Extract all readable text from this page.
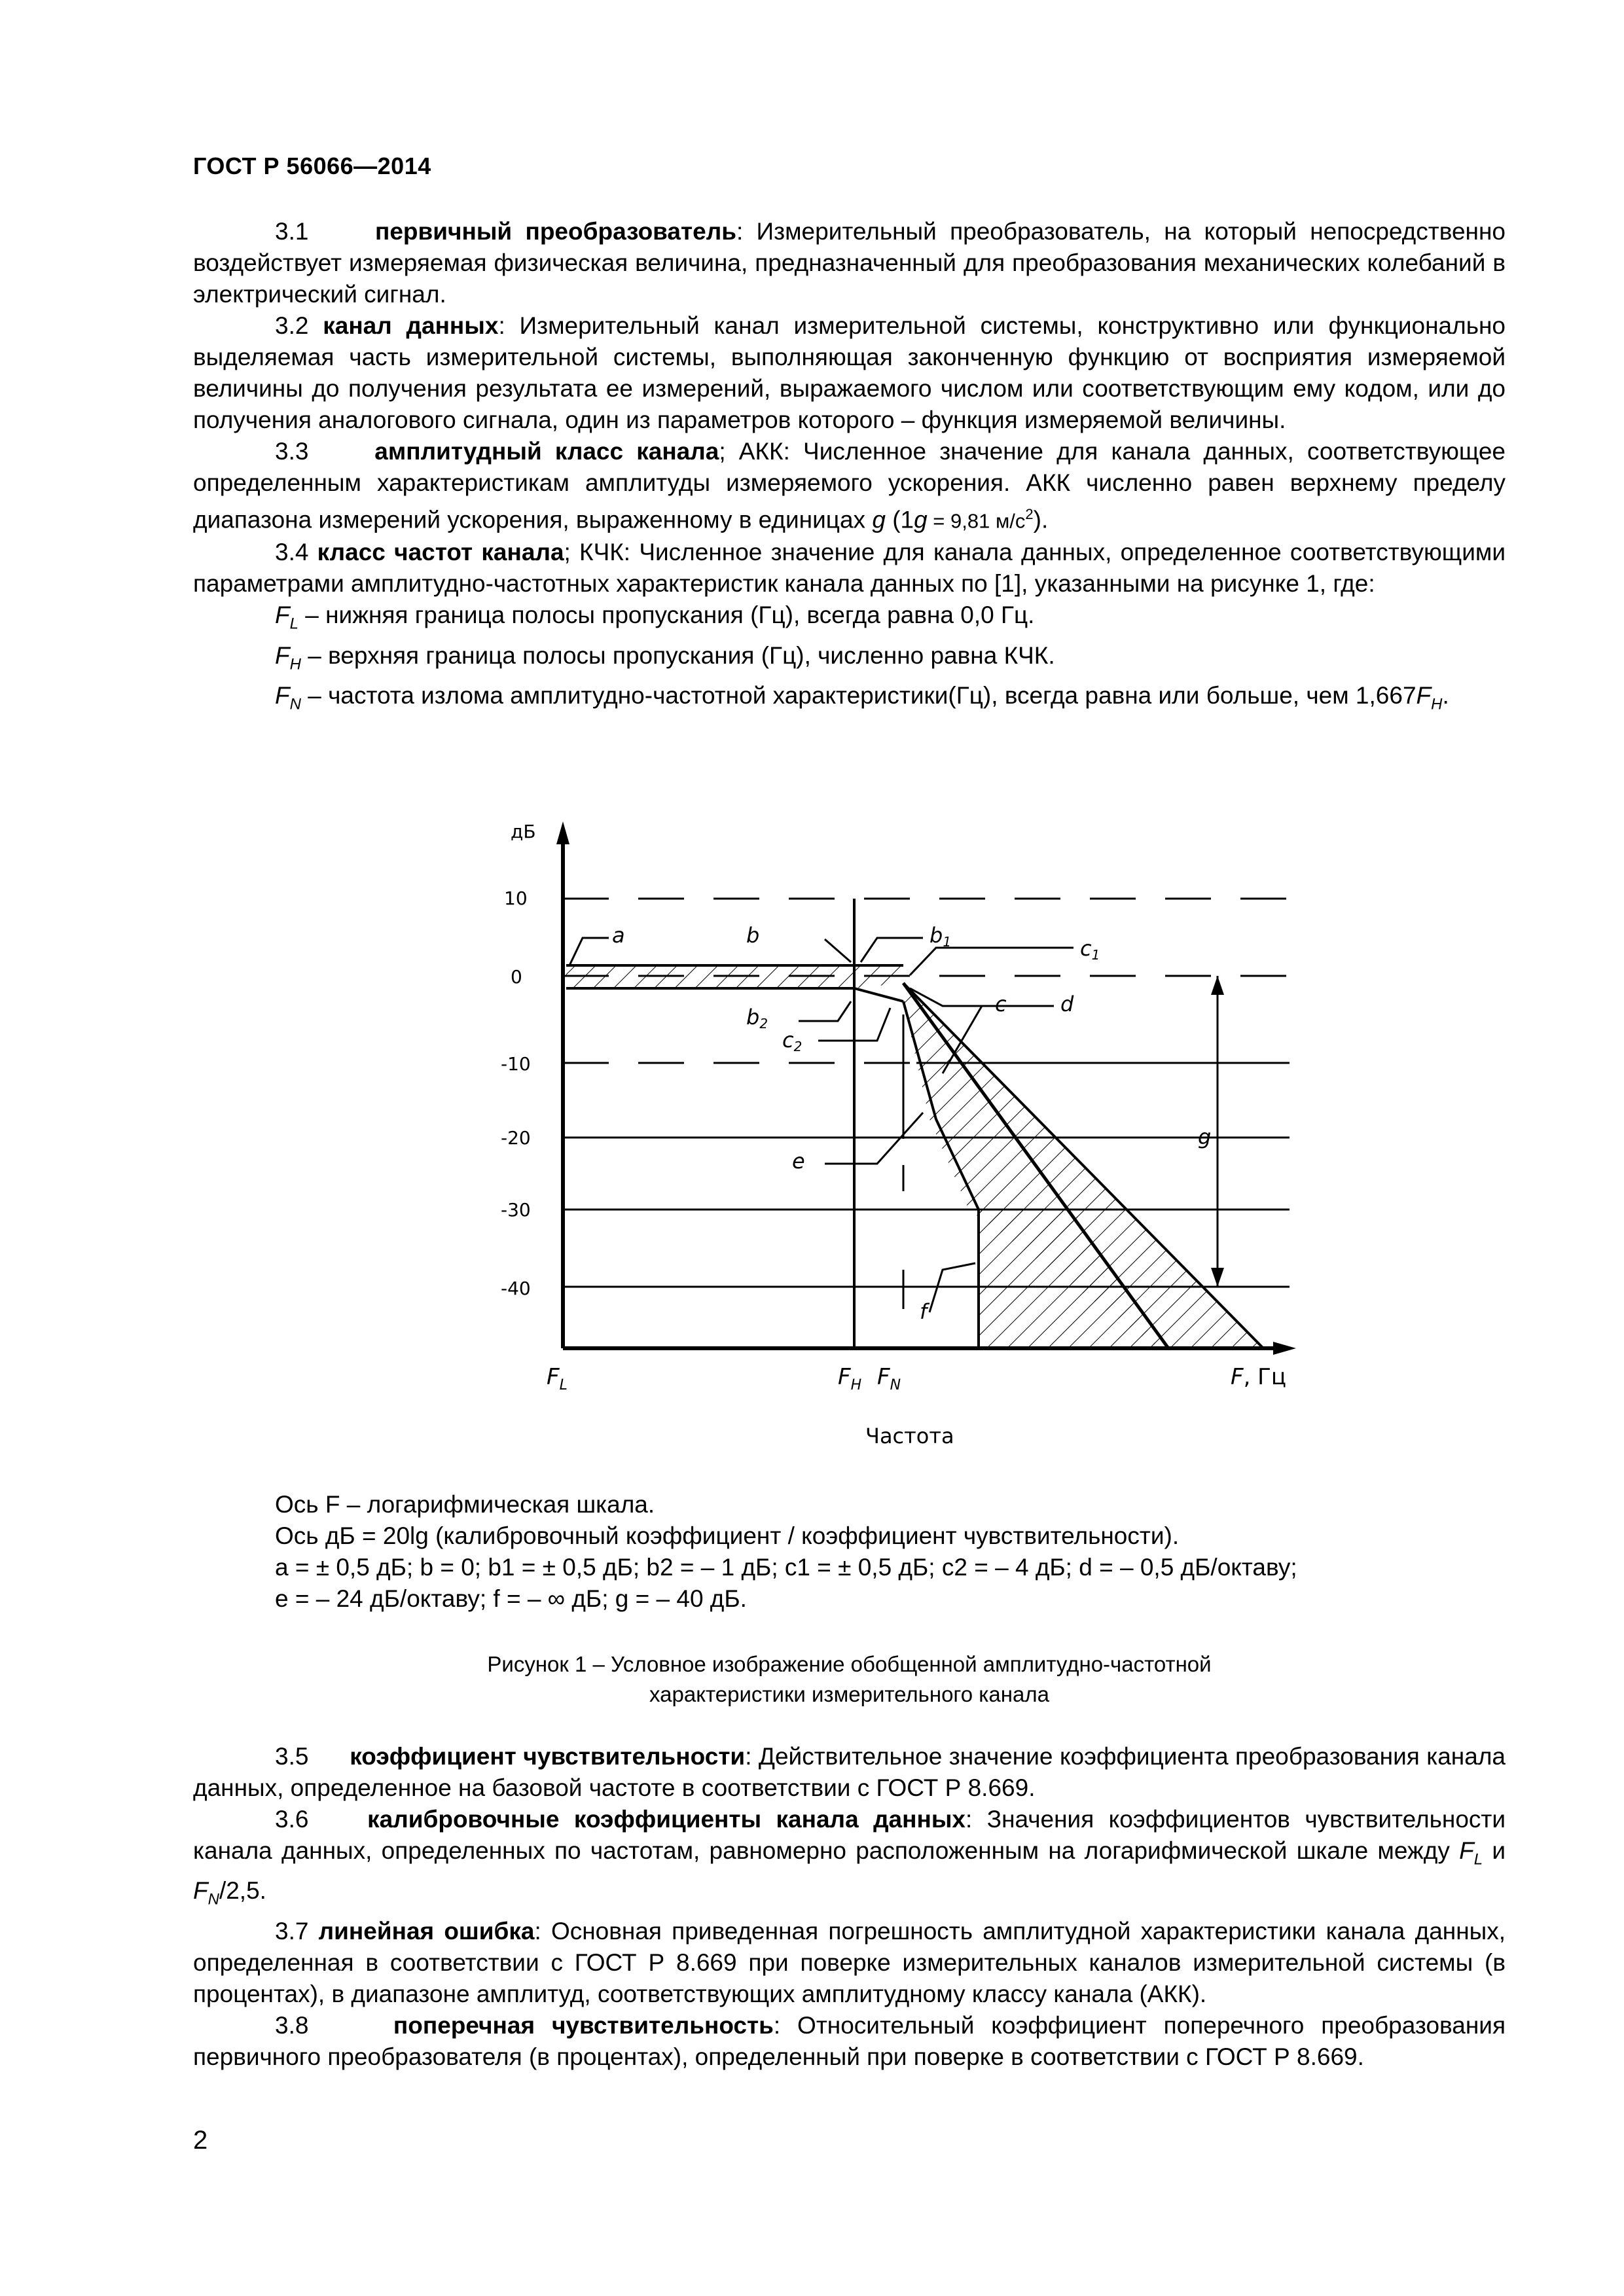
ГОСТ Р 56066—2014

3.1	первичный преобразователь: Измерительный преобразователь, на который непосредственно воздействует измеряемая физическая величина, предназначенный для преобразования механических колебаний в электрический сигнал.

3.2 канал данных: Измерительный канал измерительной системы, конструктивно или функционально выделяемая часть измерительной системы, выполняющая законченную функцию от восприятия измеряемой величины до получения результата ее измерений, выражаемого числом или соответствующим ему кодом, или до получения аналогового сигнала, один из параметров которого – функция измеряемой величины.

3.3	амплитудный класс канала; АКК: Численное значение для канала данных, соответствующее определенным характеристикам амплитуды измеряемого ускорения. АКК численно равен верхнему пределу диапазона измерений ускорения, выраженному в единицах g (1g = 9,81 $м/с^2$).

3.4 класс частот канала; КЧК: Численное значение для канала данных, определенное соответствующими параметрами амплитудно-частотных характеристик канала данных по [1], указанными на рисунке 1, где:

$F_L$ – нижняя граница полосы пропускания (Гц), всегда равна 0,0 Гц.

$F_H$ – верхняя граница полосы пропускания (Гц), численно равна КЧК.

$F_N$ – частота излома амплитудно-частотной характеристики(Гц), всегда равна или больше, чем $1,667F_H$.

дБ
10
0
-10
-20
-30
-40
$F_L$	$F_H$ $F_N$	F, Гц
Частота
a	b	b1	c1
c	d
b2
c2
e
f
g

Ось F – логарифмическая шкала.

Ось дБ = 20lg (калибровочный коэффициент / коэффициент чувствительности).

a = ± 0,5 дБ; b = 0; b1 = ± 0,5 дБ; b2 = – 1 дБ; c1 = ± 0,5 дБ; c2 = – 4 дБ; d = – 0,5 дБ/октаву;

e = – 24 дБ/октаву; f = – ∞ дБ; g = – 40 дБ.

Рисунок 1 – Условное изображение обобщенной амплитудно-частотной

характеристики измерительного канала

3.5 коэффициент чувствительности: Действительное значение коэффициента преобразования канала данных, определенное на базовой частоте в соответствии с ГОСТ Р 8.669.

3.6 калибровочные коэффициенты канала данных: Значения коэффициентов чувствительности канала данных, определенных по частотам, равномерно расположенным на логарифмической шкале между $F_L$ и $F_N/2,5$.

3.7 линейная ошибка: Основная приведенная погрешность амплитудной характеристики канала данных, определенная в соответствии с ГОСТ Р 8.669 при поверке измерительных каналов измерительной системы (в процентах), в диапазоне амплитуд, соответствующих амплитудному классу канала (АКК).

3.8	поперечная чувствительность: Относительный коэффициент поперечного преобразования первичного преобразователя (в процентах), определенный при поверке в соответствии с ГОСТ Р 8.669.

2
